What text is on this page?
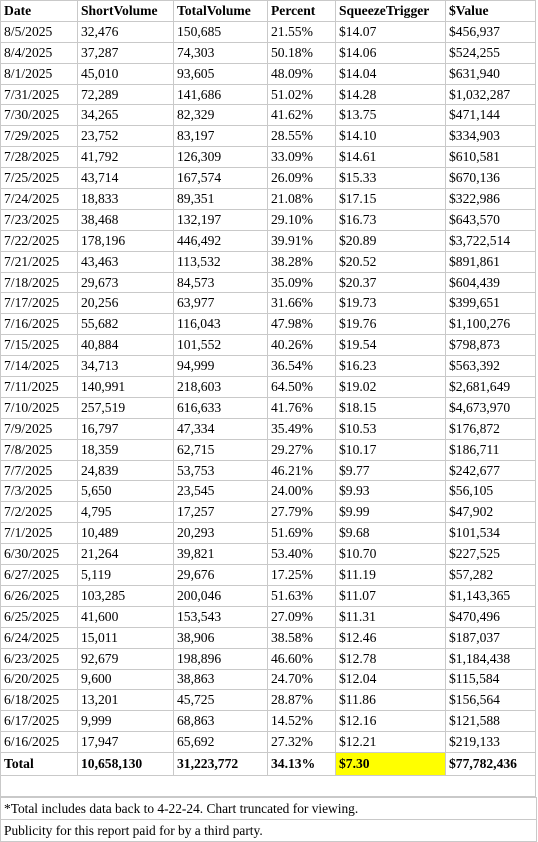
Date	ShortVolume	TotalVolume	Percent	SqueezeTrigger	$Value
8/5/2025	32,476	150,685	21.55%	$14.07	$456,937
8/4/2025	37,287	74,303	50.18%	$14.06	$524,255
8/1/2025	45,010	93,605	48.09%	$14.04	$631,940
7/31/2025	72,289	141,686	51.02%	$14.28	$1,032,287
7/30/2025	34,265	82,329	41.62%	$13.75	$471,144
7/29/2025	23,752	83,197	28.55%	$14.10	$334,903
7/28/2025	41,792	126,309	33.09%	$14.61	$610,581
7/25/2025	43,714	167,574	26.09%	$15.33	$670,136
7/24/2025	18,833	89,351	21.08%	$17.15	$322,986
7/23/2025	38,468	132,197	29.10%	$16.73	$643,570
7/22/2025	178,196	446,492	39.91%	$20.89	$3,722,514
7/21/2025	43,463	113,532	38.28%	$20.52	$891,861
7/18/2025	29,673	84,573	35.09%	$20.37	$604,439
7/17/2025	20,256	63,977	31.66%	$19.73	$399,651
7/16/2025	55,682	116,043	47.98%	$19.76	$1,100,276
7/15/2025	40,884	101,552	40.26%	$19.54	$798,873
7/14/2025	34,713	94,999	36.54%	$16.23	$563,392
7/11/2025	140,991	218,603	64.50%	$19.02	$2,681,649
7/10/2025	257,519	616,633	41.76%	$18.15	$4,673,970
7/9/2025	16,797	47,334	35.49%	$10.53	$176,872
7/8/2025	18,359	62,715	29.27%	$10.17	$186,711
7/7/2025	24,839	53,753	46.21%	$9.77	$242,677
7/3/2025	5,650	23,545	24.00%	$9.93	$56,105
7/2/2025	4,795	17,257	27.79%	$9.99	$47,902
7/1/2025	10,489	20,293	51.69%	$9.68	$101,534
6/30/2025	21,264	39,821	53.40%	$10.70	$227,525
6/27/2025	5,119	29,676	17.25%	$11.19	$57,282
6/26/2025	103,285	200,046	51.63%	$11.07	$1,143,365
6/25/2025	41,600	153,543	27.09%	$11.31	$470,496
6/24/2025	15,011	38,906	38.58%	$12.46	$187,037
6/23/2025	92,679	198,896	46.60%	$12.78	$1,184,438
6/20/2025	9,600	38,863	24.70%	$12.04	$115,584
6/18/2025	13,201	45,725	28.87%	$11.86	$156,564
6/17/2025	9,999	68,863	14.52%	$12.16	$121,588
6/16/2025	17,947	65,692	27.32%	$12.21	$219,133
Total	10,658,130	31,223,772	34.13%	$7.30	$77,782,436

*Total includes data back to 4-22-24. Chart truncated for viewing.
Publicity for this report paid for by a third party.
